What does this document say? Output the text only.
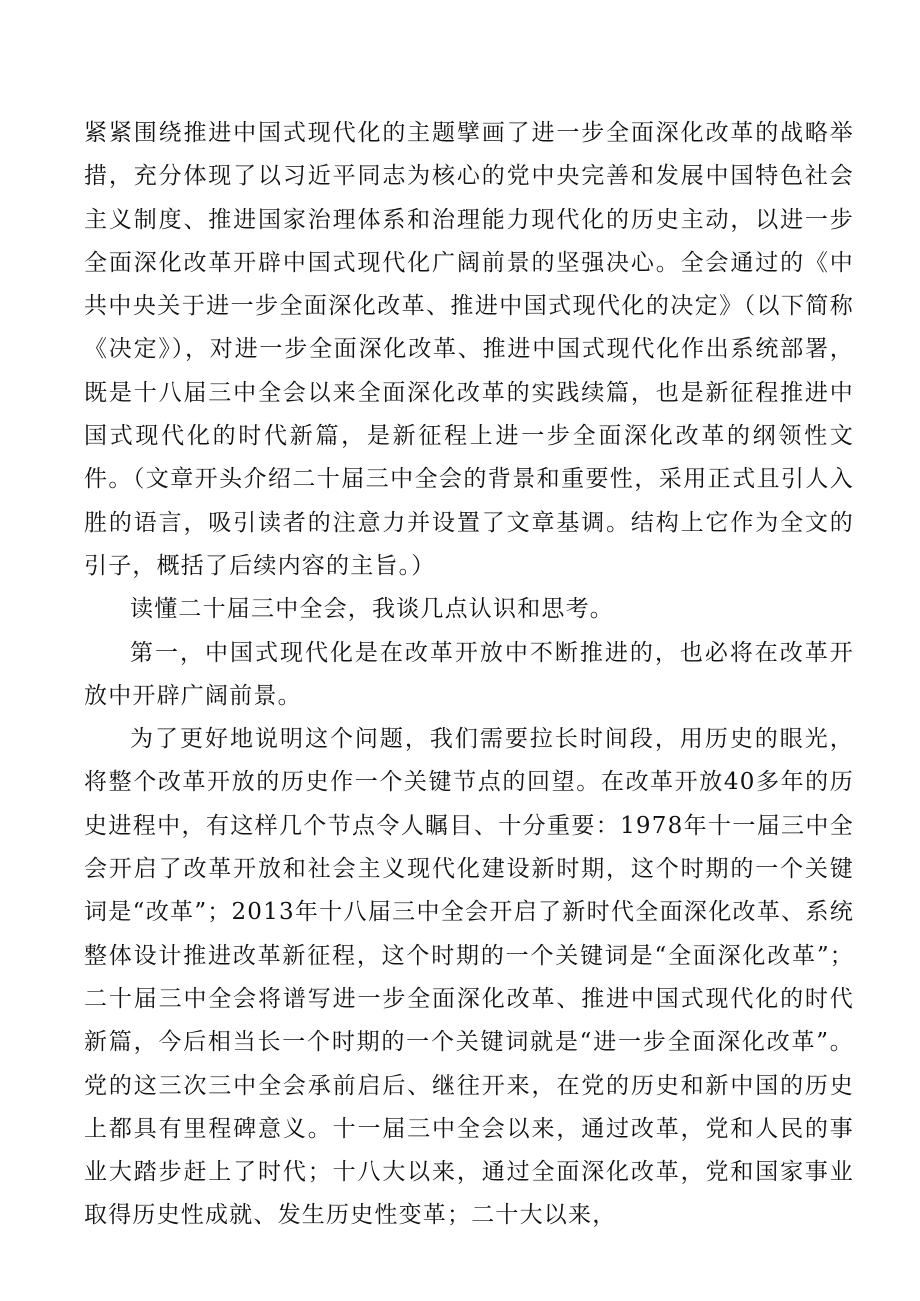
紧紧围绕推进中国式现代化的主题擘画了进一步全面深化改革的战略举措，充分体现了以习近平同志为核心的党中央完善和发展中国特色社会主义制度、推进国家治理体系和治理能力现代化的历史主动，以进一步全面深化改革开辟中国式现代化广阔前景的坚强决心。全会通过的《中共中央关于进一步全面深化改革、推进中国式现代化的决定》（以下简称《决定》），对进一步全面深化改革、推进中国式现代化作出系统部署，既是十八届三中全会以来全面深化改革的实践续篇，也是新征程推进中国式现代化的时代新篇，是新征程上进一步全面深化改革的纲领性文件。（文章开头介绍二十届三中全会的背景和重要性，采用正式且引人入胜的语言，吸引读者的注意力并设置了文章基调。结构上它作为全文的引子，概括了后续内容的主旨。）

读懂二十届三中全会，我谈几点认识和思考。

第一，中国式现代化是在改革开放中不断推进的，也必将在改革开放中开辟广阔前景。

为了更好地说明这个问题，我们需要拉长时间段，用历史的眼光，将整个改革开放的历史作一个关键节点的回望。在改革开放40多年的历史进程中，有这样几个节点令人瞩目、十分重要：1978年十一届三中全会开启了改革开放和社会主义现代化建设新时期，这个时期的一个关键词是“改革”；2013年十八届三中全会开启了新时代全面深化改革、系统整体设计推进改革新征程，这个时期的一个关键词是“全面深化改革”；二十届三中全会将谱写进一步全面深化改革、推进中国式现代化的时代新篇，今后相当长一个时期的一个关键词就是“进一步全面深化改革”。党的这三次三中全会承前启后、继往开来，在党的历史和新中国的历史上都具有里程碑意义。十一届三中全会以来，通过改革，党和人民的事业大踏步赶上了时代；十八大以来，通过全面深化改革，党和国家事业取得历史性成就、发生历史性变革；二十大以来，
